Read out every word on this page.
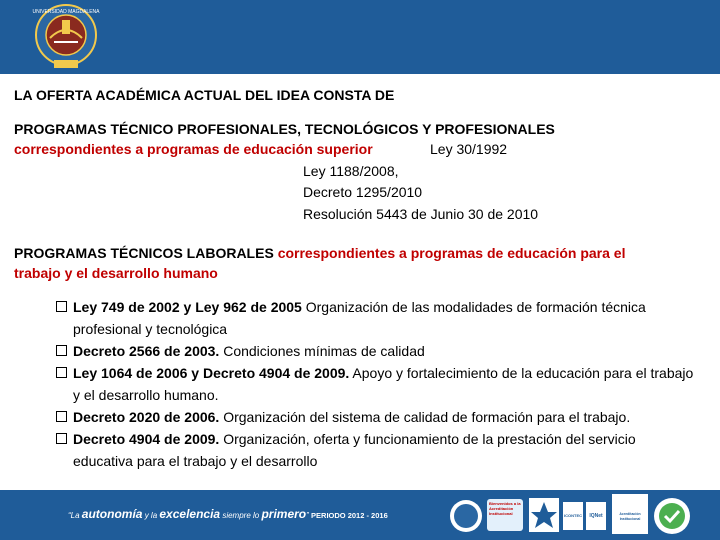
UNIVERSIDAD MAGDALENA
LA OFERTA ACADÉMICA ACTUAL DEL IDEA CONSTA DE
PROGRAMAS TÉCNICO PROFESIONALES, TECNOLÓGICOS Y PROFESIONALES
correspondientes a programas de educación superior	Ley 30/1992
Ley 1188/2008,
Decreto 1295/2010
Resolución 5443 de Junio 30 de 2010
PROGRAMAS TÉCNICOS LABORALES correspondientes a programas de educación para el
trabajo y el desarrollo humano
Ley 749 de 2002 y Ley 962 de 2005 Organización de las modalidades de formación técnica profesional y tecnológica
Decreto 2566 de 2003. Condiciones mínimas de calidad
Ley 1064 de 2006 y Decreto 4904 de 2009. Apoyo y fortalecimiento de la educación para el trabajo y el desarrollo humano.
Decreto 2020 de 2006. Organización del sistema de calidad de formación para el trabajo.
Decreto 4904 de 2009. Organización, oferta y funcionamiento de la prestación del servicio educativa para el trabajo y el desarrollo
“La autonomía y la excelencia siempre lo primero” PERIODO 2012 - 2016
Bienvenidos a la Acreditación Institucional	ICONTEC	IQNet	Acreditación Institucional
